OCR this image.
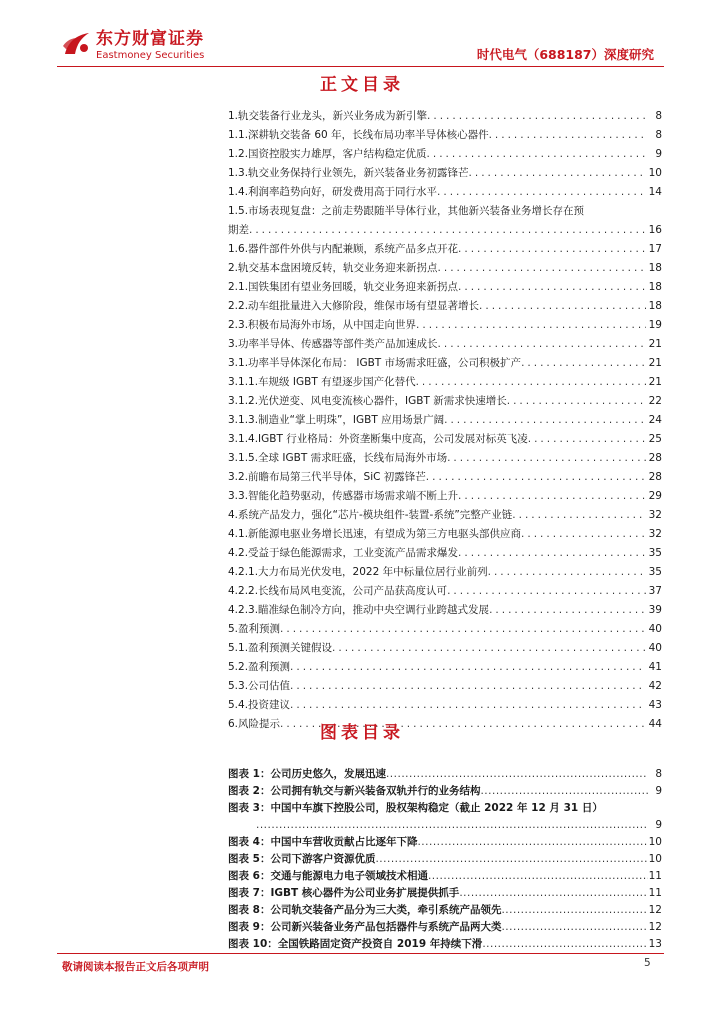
东方财富证券
Eastmoney Securities	时代电气（688187）深度研究
正文目录
1.轨交装备行业龙头，新兴业务成为新引擎 .....	8
1.1.深耕轨交装备 60 年，长线布局功率半导体核心器件 .....	8
1.2.国资控股实力雄厚，客户结构稳定优质 .....	9
1.3.轨交业务保持行业领先，新兴装备业务初露锋芒 .....	10
1.4.利润率趋势向好，研发费用高于同行水平 .....	14
1.5.市场表现复盘：之前走势跟随半导体行业，其他新兴装备业务增长存在预
期差 .....	16
1.6.器件部件外供与内配兼顾，系统产品多点开花 .....	17
2.轨交基本盘困境反转，轨交业务迎来新拐点 .....	18
2.1.国铁集团有望业务回暖，轨交业务迎来新拐点 .....	18
2.2.动车组批量进入大修阶段，维保市场有望显著增长 .....	18
2.3.积极布局海外市场，从中国走向世界 .....	19
3.功率半导体、传感器等部件类产品加速成长 .....	21
3.1.功率半导体深化布局： IGBT 市场需求旺盛，公司积极扩产 .....	21
3.1.1.车规级 IGBT 有望逐步国产化替代 .....	21
3.1.2.光伏逆变、风电变流核心器件，IGBT 新需求快速增长 .....	22
3.1.3.制造业“掌上明珠”，IGBT 应用场景广阔 .....	24
3.1.4.IGBT 行业格局：外资垄断集中度高，公司发展对标英飞凌 .....	25
3.1.5.全球 IGBT 需求旺盛，长线布局海外市场 .....	28
3.2.前瞻布局第三代半导体，SiC 初露锋芒 .....	28
3.3.智能化趋势驱动，传感器市场需求端不断上升 .....	29
4.系统产品发力，强化“芯片-模块组件-装置-系统”完整产业链 .....	32
4.1.新能源电驱业务增长迅速，有望成为第三方电驱头部供应商 .....	32
4.2.受益于绿色能源需求，工业变流产品需求爆发 .....	35
4.2.1.大力布局光伏发电，2022 年中标量位居行业前列 .....	35
4.2.2.长线布局风电变流，公司产品获高度认可 .....	37
4.2.3.瞄准绿色制冷方向，推动中央空调行业跨越式发展 .....	39
5.盈利预测 .....	40
5.1.盈利预测关键假设 .....	40
5.2.盈利预测 .....	41
5.3.公司估值 .....	42
5.4.投资建议 .....	43
6.风险提示 .....	44
图表目录
图表 1：公司历史悠久，发展迅速 .....	8
图表 2：公司拥有轨交与新兴装备双轨并行的业务结构 .....	9
图表 3：中国中车旗下控股公司，股权架构稳定（截止 2022 年 12 月 31 日）
.....
9
图表 4：中国中车营收贡献占比逐年下降 .....	10
图表 5：公司下游客户资源优质 .....	10
图表 6：交通与能源电力电子领域技术相通 .....	11
图表 7：IGBT 核心器件为公司业务扩展提供抓手 .....	11
图表 8：公司轨交装备产品分为三大类，牵引系统产品领先 .....	12
图表 9：公司新兴装备业务产品包括器件与系统产品两大类 .....	12
图表 10：全国铁路固定资产投资自 2019 年持续下滑 .....	13
敬请阅读本报告正文后各项声明	5
